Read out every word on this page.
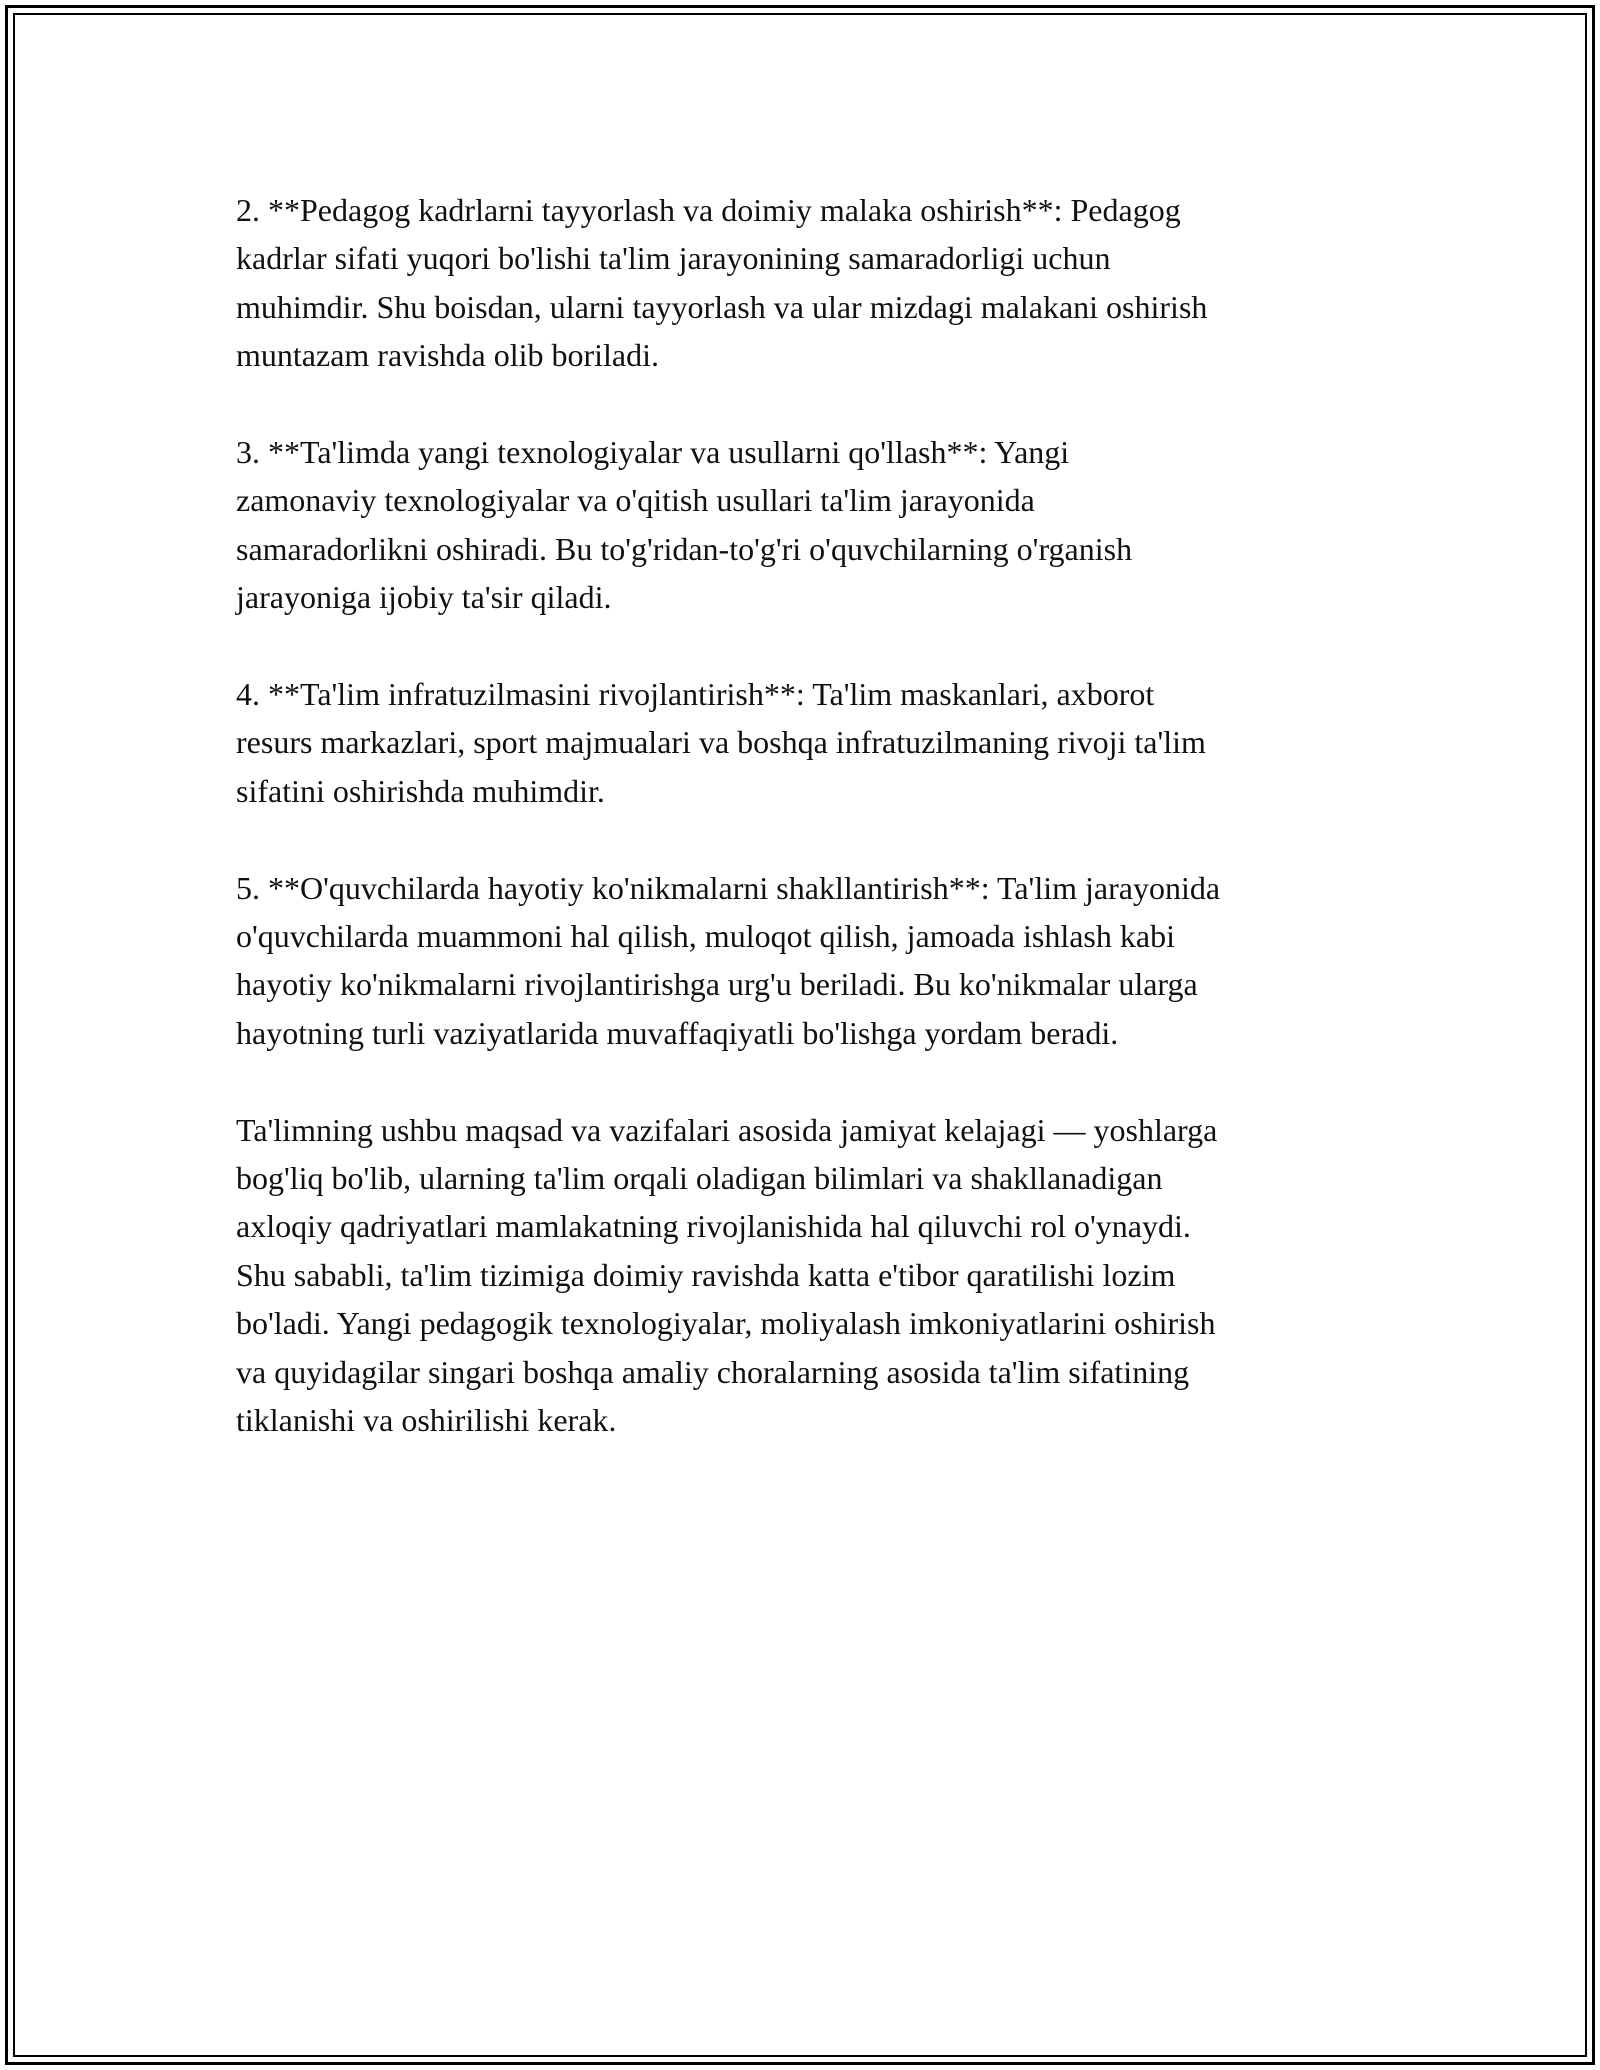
2. **Pedagog kadrlarni tayyorlash va doimiy malaka oshirish**: Pedagog
kadrlar sifati yuqori bo'lishi ta'lim jarayonining samaradorligi uchun
muhimdir. Shu boisdan, ularni tayyorlash va ular mizdagi malakani oshirish
muntazam ravishda olib boriladi.

3. **Ta'limda yangi texnologiyalar va usullarni qo'llash**: Yangi
zamonaviy texnologiyalar va o'qitish usullari ta'lim jarayonida
samaradorlikni oshiradi. Bu to'g'ridan-to'g'ri o'quvchilarning o'rganish
jarayoniga ijobiy ta'sir qiladi.

4. **Ta'lim infratuzilmasini rivojlantirish**: Ta'lim maskanlari, axborot
resurs markazlari, sport majmualari va boshqa infratuzilmaning rivoji ta'lim
sifatini oshirishda muhimdir.

5. **O'quvchilarda hayotiy ko'nikmalarni shakllantirish**: Ta'lim jarayonida
o'quvchilarda muammoni hal qilish, muloqot qilish, jamoada ishlash kabi
hayotiy ko'nikmalarni rivojlantirishga urg'u beriladi. Bu ko'nikmalar ularga
hayotning turli vaziyatlarida muvaffaqiyatli bo'lishga yordam beradi.

Ta'limning ushbu maqsad va vazifalari asosida jamiyat kelajagi — yoshlarga
bog'liq bo'lib, ularning ta'lim orqali oladigan bilimlari va shakllanadigan
axloqiy qadriyatlari mamlakatning rivojlanishida hal qiluvchi rol o'ynaydi.
Shu sababli, ta'lim tizimiga doimiy ravishda katta e'tibor qaratilishi lozim
bo'ladi. Yangi pedagogik texnologiyalar, moliyalash imkoniyatlarini oshirish
va quyidagilar singari boshqa amaliy choralarning asosida ta'lim sifatining
tiklanishi va oshirilishi kerak.
